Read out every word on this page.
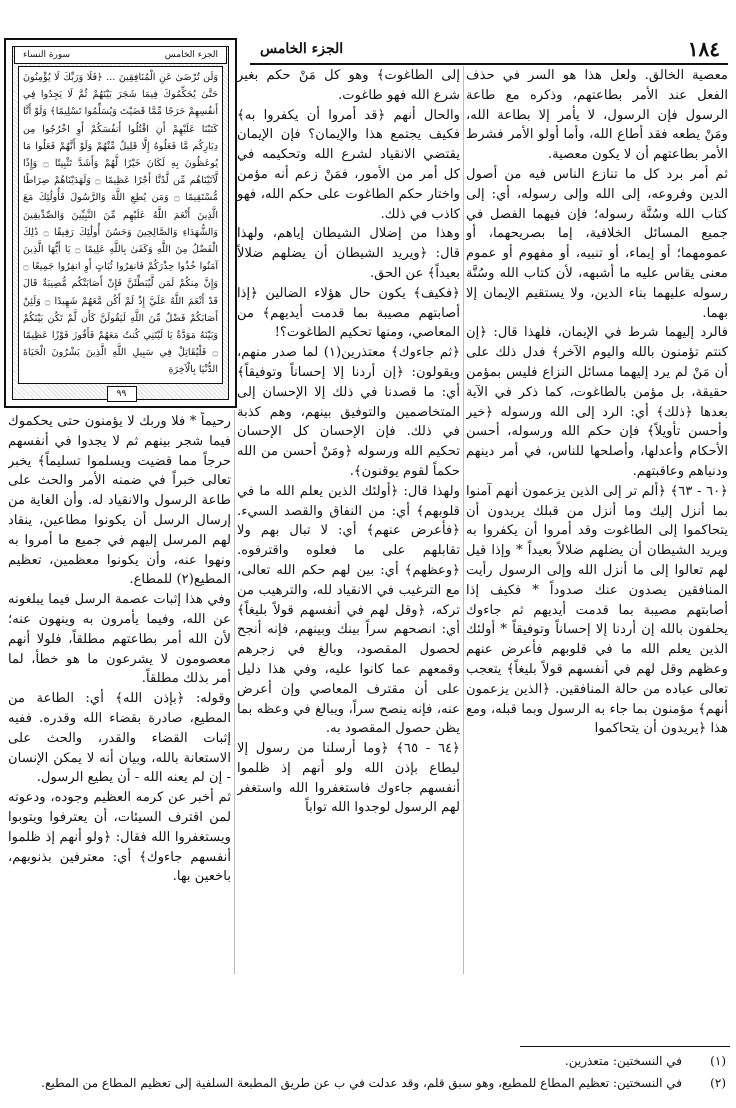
١٨٤
الجزء الخامس
الجزء الخامس
سورة النساء
وَلَن تُرْضَىٰ عَنِ الْمُنَافِقِينَ ... ﴿فَلَا وَرَبِّكَ لَا يُؤْمِنُونَ حَتَّىٰ يُحَكِّمُوكَ فِيمَا شَجَرَ بَيْنَهُمْ ثُمَّ لَا يَجِدُوا فِي أَنفُسِهِمْ حَرَجًا مِّمَّا قَضَيْتَ وَيُسَلِّمُوا تَسْلِيمًا﴾ وَلَوْ أَنَّا كَتَبْنَا عَلَيْهِمْ أَنِ اقْتُلُوا أَنفُسَكُمْ أَوِ اخْرُجُوا مِن دِيَارِكُم مَّا فَعَلُوهُ إِلَّا قَلِيلٌ مِّنْهُمْ وَلَوْ أَنَّهُمْ فَعَلُوا مَا يُوعَظُونَ بِهِ لَكَانَ خَيْرًا لَّهُمْ وَأَشَدَّ تَثْبِيتًا ۝ وَإِذًا لَّآتَيْنَاهُم مِّن لَّدُنَّا أَجْرًا عَظِيمًا ۝ وَلَهَدَيْنَاهُمْ صِرَاطًا مُّسْتَقِيمًا ۝ وَمَن يُطِعِ اللَّهَ وَالرَّسُولَ فَأُولَٰئِكَ مَعَ الَّذِينَ أَنْعَمَ اللَّهُ عَلَيْهِم مِّنَ النَّبِيِّينَ وَالصِّدِّيقِينَ وَالشُّهَدَاءِ وَالصَّالِحِينَ وَحَسُنَ أُولَٰئِكَ رَفِيقًا ۝ ذَٰلِكَ الْفَضْلُ مِنَ اللَّهِ وَكَفَىٰ بِاللَّهِ عَلِيمًا ۝ يَا أَيُّهَا الَّذِينَ آمَنُوا خُذُوا حِذْرَكُمْ فَانفِرُوا ثُبَاتٍ أَوِ انفِرُوا جَمِيعًا ۝ وَإِنَّ مِنكُمْ لَمَن لَّيُبَطِّئَنَّ فَإِنْ أَصَابَتْكُم مُّصِيبَةٌ قَالَ قَدْ أَنْعَمَ اللَّهُ عَلَيَّ إِذْ لَمْ أَكُن مَّعَهُمْ شَهِيدًا ۝ وَلَئِنْ أَصَابَكُمْ فَضْلٌ مِّنَ اللَّهِ لَيَقُولَنَّ كَأَن لَّمْ تَكُن بَيْنَكُمْ وَبَيْنَهُ مَوَدَّةٌ يَا لَيْتَنِي كُنتُ مَعَهُمْ فَأَفُوزَ فَوْزًا عَظِيمًا ۝ فَلْيُقَاتِلْ فِي سَبِيلِ اللَّهِ الَّذِينَ يَشْرُونَ الْحَيَاةَ الدُّنْيَا بِالْآخِرَةِ
٩٩

معصية الخالق. ولعل هذا هو السر في حذف الفعل عند الأمر بطاعتهم، وذكره مع طاعة الرسول فإن الرسول، لا يأمر إلا بطاعة الله، ومَنْ يطعه فقد أطاع الله، وأما أولو الأمر فشرط الأمر بطاعتهم أن لا يكون معصية.

ثم أمر برد كل ما تنازع الناس فيه من أصول الدين وفروعه، إلى الله وإلى رسوله، أي: إلى كتاب الله وسُنَّة رسوله؛ فإن فيهما الفصل في جميع المسائل الخلافية، إما بصريحهما، أو عمومهما؛ أو إيماء، أو تنبيه، أو مفهوم أو عموم معنى يقاس عليه ما أشبهه، لأن كتاب الله وسُنَّة رسوله عليهما بناء الدين، ولا يستقيم الإيمان إلا بهما.

فالرد إليهما شرط في الإيمان، فلهذا قال: ﴿إن كنتم تؤمنون بالله واليوم الآخر﴾ فدل ذلك على أن مَنْ لم يرد إليهما مسائل النزاع فليس بمؤمن حقيقة، بل مؤمن بالطاغوت، كما ذكر في الآية بعدها ﴿ذلك﴾ أي: الرد إلى الله ورسوله ﴿خير وأحسن تأويلاً﴾ فإن حكم الله ورسوله، أحسن الأحكام وأعدلها، وأصلحها للناس، في أمر دينهم ودنياهم وعاقبتهم.

﴿٦٠ - ٦٣﴾ ﴿ألم تر إلى الذين يزعمون أنهم آمنوا بما أنزل إليك وما أنزل من قبلك يريدون أن يتحاكموا إلى الطاغوت وقد أمروا أن يكفروا به ويريد الشيطان أن يضلهم ضلالاً بعيداً * وإذا قيل لهم تعالوا إلى ما أنزل الله وإلى الرسول رأيت المنافقين يصدون عنك صدوداً * فكيف إذا أصابتهم مصيبة بما قدمت أيديهم ثم جاءوك يحلفون بالله إن أردنا إلا إحساناً وتوفيقاً * أولئك الذين يعلم الله ما في قلوبهم فأعرض عنهم وعظهم وقل لهم في أنفسهم قولاً بليغاً﴾ يتعجب تعالى عباده من حالة المنافقين. ﴿الذين يزعمون أنهم﴾ مؤمنون بما جاء به الرسول وبما قبله، ومع هذا ﴿يريدون أن يتحاكموا

إلى الطاغوت﴾ وهو كل مَنْ حكم بغير شرع الله فهو طاغوت.

والحال أنهم ﴿قد أمروا أن يكفروا به﴾ فكيف يجتمع هذا والإيمان؟ فإن الإيمان يقتضي الانقياد لشرع الله وتحكيمه في كل أمر من الأمور، فمَنْ زعم أنه مؤمن واختار حكم الطاغوت على حكم الله، فهو كاذب في ذلك.

وهذا من إضلال الشيطان إياهم، ولهذا قال: ﴿ويريد الشيطان أن يضلهم ضلالاً بعيداً﴾ عن الحق.

﴿فكيف﴾ يكون حال هؤلاء الضالين ﴿إذا أصابتهم مصيبة بما قدمت أيديهم﴾ من المعاصي، ومنها تحكيم الطاغوت؟!

﴿ثم جاءوك﴾ معتذرين(١) لما صدر منهم، ويقولون: ﴿إن أردنا إلا إحساناً وتوفيقاً﴾ أي: ما قصدنا في ذلك إلا الإحسان إلى المتخاصمين والتوفيق بينهم، وهم كذبة في ذلك. فإن الإحسان كل الإحسان تحكيم الله ورسوله ﴿ومَنْ أحسن من الله حكماً لقوم يوقنون﴾.

ولهذا قال: ﴿أولئك الذين يعلم الله ما في قلوبهم﴾ أي: من النفاق والقصد السيء. ﴿فأعرض عنهم﴾ أي: لا تبال بهم ولا تقابلهم على ما فعلوه واقترفوه. ﴿وعظهم﴾ أي: بين لهم حكم الله تعالى، مع الترغيب في الانقياد لله، والترهيب من تركه، ﴿وقل لهم في أنفسهم قولاً بليغاً﴾ أي: انصحهم سراً بينك وبينهم، فإنه أنجح لحصول المقصود، وبالغ في زجرهم وقمعهم عما كانوا عليه، وفي هذا دليل على أن مقترف المعاصي وإن أعرض عنه، فإنه ينصح سراً، ويبالغ في وعظه بما يظن حصول المقصود به.

﴿٦٤ - ٦٥﴾ ﴿وما أرسلنا من رسول إلا ليطاع بإذن الله ولو أنهم إذ ظلموا أنفسهم جاءوك فاستغفروا الله واستغفر لهم الرسول لوجدوا الله تواباً

رحيماً * فلا وربك لا يؤمنون حتى يحكموك فيما شجر بينهم ثم لا يجدوا في أنفسهم حرجاً مما قضيت ويسلموا تسليماً﴾ يخبر تعالى خبراً في ضمنه الأمر والحث على طاعة الرسول والانقياد له. وأن الغاية من إرسال الرسل أن يكونوا مطاعين، ينقاد لهم المرسل إليهم في جميع ما أمروا به ونهوا عنه، وأن يكونوا معظمين، تعظيم المطيع(٢) للمطاع.

وفي هذا إثبات عصمة الرسل فيما يبلغونه عن الله، وفيما يأمرون به وينهون عنه؛ لأن الله أمر بطاعتهم مطلقاً، فلولا أنهم معصومون لا يشرعون ما هو خطأ، لما أمر بذلك مطلقاً.

وقوله: ﴿بإذن الله﴾ أي: الطاعة من المطيع، صادرة بقضاء الله وقدره. ففيه إثبات القضاء والقدر، والحث على الاستعانة بالله، وبيان أنه لا يمكن الإنسان - إن لم يعنه الله - أن يطيع الرسول.

ثم أخبر عن كرمه العظيم وجوده، ودعوته لمن اقترف السيئات، أن يعترفوا ويتوبوا ويستغفروا الله فقال: ﴿ولو أنهم إذ ظلموا أنفسهم جاءوك﴾ أي: معترفين بذنوبهم، باخعين بها.

(١)
في النسختين: متعذرين.
(٢)
في النسختين: تعظيم المطاع للمطيع، وهو سبق قلم، وقد عدلت في ب عن طريق المطبعة السلفية إلى تعظيم المطاع من المطيع.
